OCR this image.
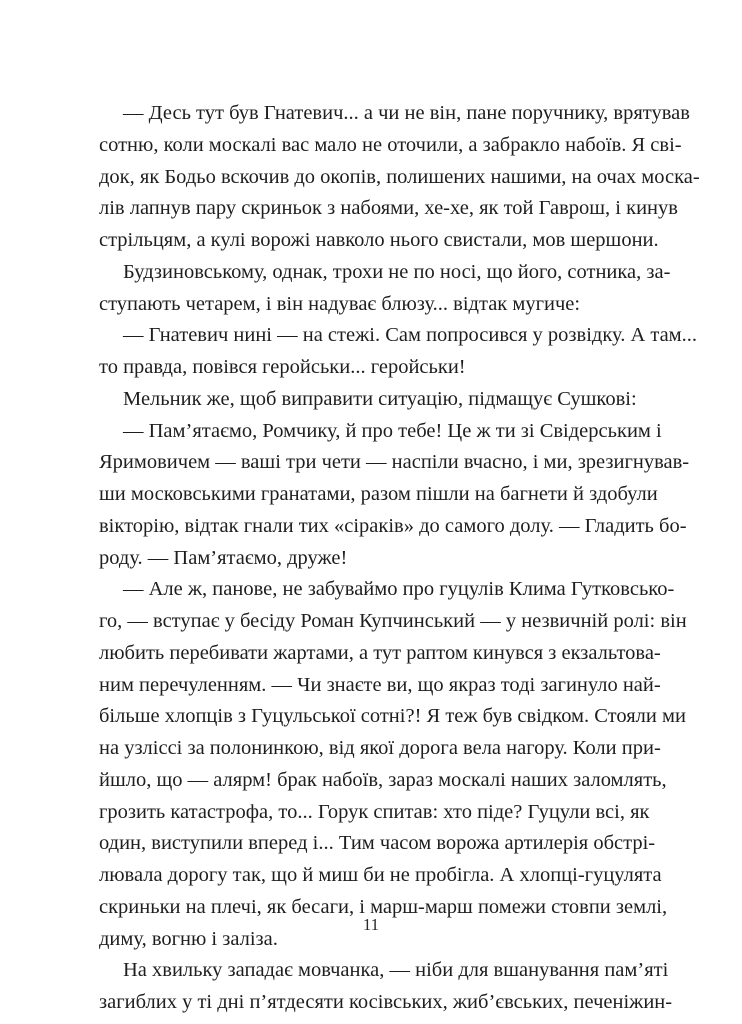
— Десь тут був Гнатевич... а чи не він, пане поручнику, врятував
сотню, коли москалі вас мало не оточили, а забракло набоїв. Я свi-
док, як Бодьо вскочив до окопів, полишених нашими, на очах моска-
лів лапнув пару скриньок з набоями, хе-хе, як той Гаврош, і кинув
стрільцям, а кулі ворожі навколо нього свистали, мов шершони.
Будзиновському, однак, трохи не по носі, що його, сотника, за-
ступають четарем, і він надуває блюзу... відтак мугиче:
— Гнатевич нині — на стежі. Сам попросився у розвідку. А там...
то правда, повівся геройськи... геройськи!
Мельник же, щоб виправити ситуацію, підмащує Сушкові:
— Пам’ятаємо, Ромчику, й про тебе! Це ж ти зі Свідерським і
Яримовичем — ваші три чети — наспіли вчасно, і ми, зрезигнував-
ши московськими гранатами, разом пішли на багнети й здобули
вікторію, відтак гнали тих «сіраків» до самого долу. — Гладить бо-
роду. — Пам’ятаємо, друже!
— Але ж, панове, не забуваймо про гуцулів Клима Гутковсько-
го, — вступає у бесіду Роман Купчинський — у незвичній ролі: він
любить перебивати жартами, а тут раптом кинувся з екзальтова-
ним перечуленням. — Чи знаєте ви, що якраз тоді загинуло най-
більше хлопців з Гуцульської сотні?! Я теж був свідком. Стояли ми
на узліссі за полонинкою, від якої дорога вела нагору. Коли при-
йшло, що — алярм! брак набоїв, зараз москалі наших заломлять,
грозить катастрофа, то... Горук спитав: хто піде? Гуцули всі, як
один, виступили вперед і... Тим часом ворожа артилерія обстрі-
лювала дорогу так, що й миш би не пробігла. А хлопці-гуцулята
скриньки на плечі, як бесаги, і марш-марш помежи стовпи землі,
диму, вогню і заліза.
На хвильку западає мовчанка, — ніби для вшанування пам’яті
загиблих у ті дні п’ятдесяти косівських, жиб’євських, печеніжин-
11
